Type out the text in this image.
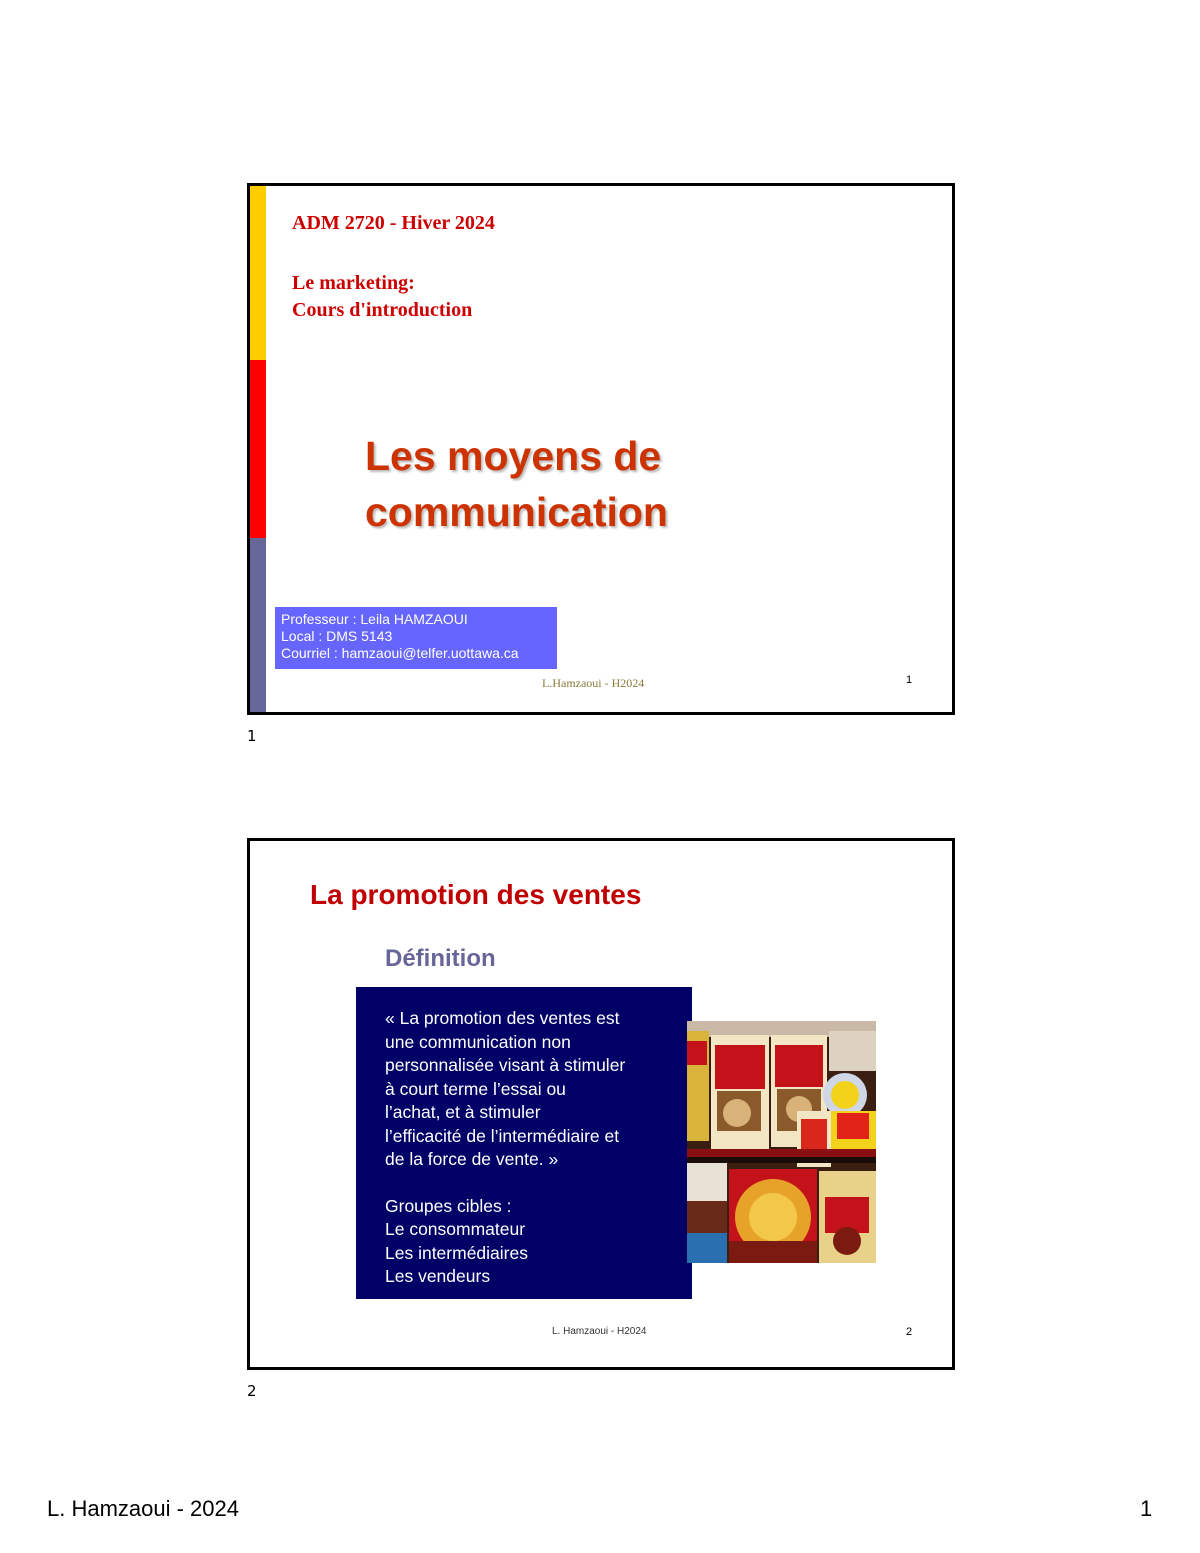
ADM 2720 - Hiver 2024
Le marketing:
Cours d'introduction
Les moyens de
communication
Professeur : Leila HAMZAOUI
Local : DMS 5143
Courriel : hamzaoui@telfer.uottawa.ca
L.Hamzaoui - H2024	1
1
La promotion des ventes
Définition

« La promotion des ventes est

une communication non

personnalisée visant à stimuler

à court terme l’essai ou

l’achat, et à stimuler

l’efficacité de l’intermédiaire et

de la force de vente. »

Groupes cibles :

Le consommateur

Les intermédiaires

Les vendeurs

L. Hamzaoui - H2024	2
2
L. Hamzaoui - 2024	1
